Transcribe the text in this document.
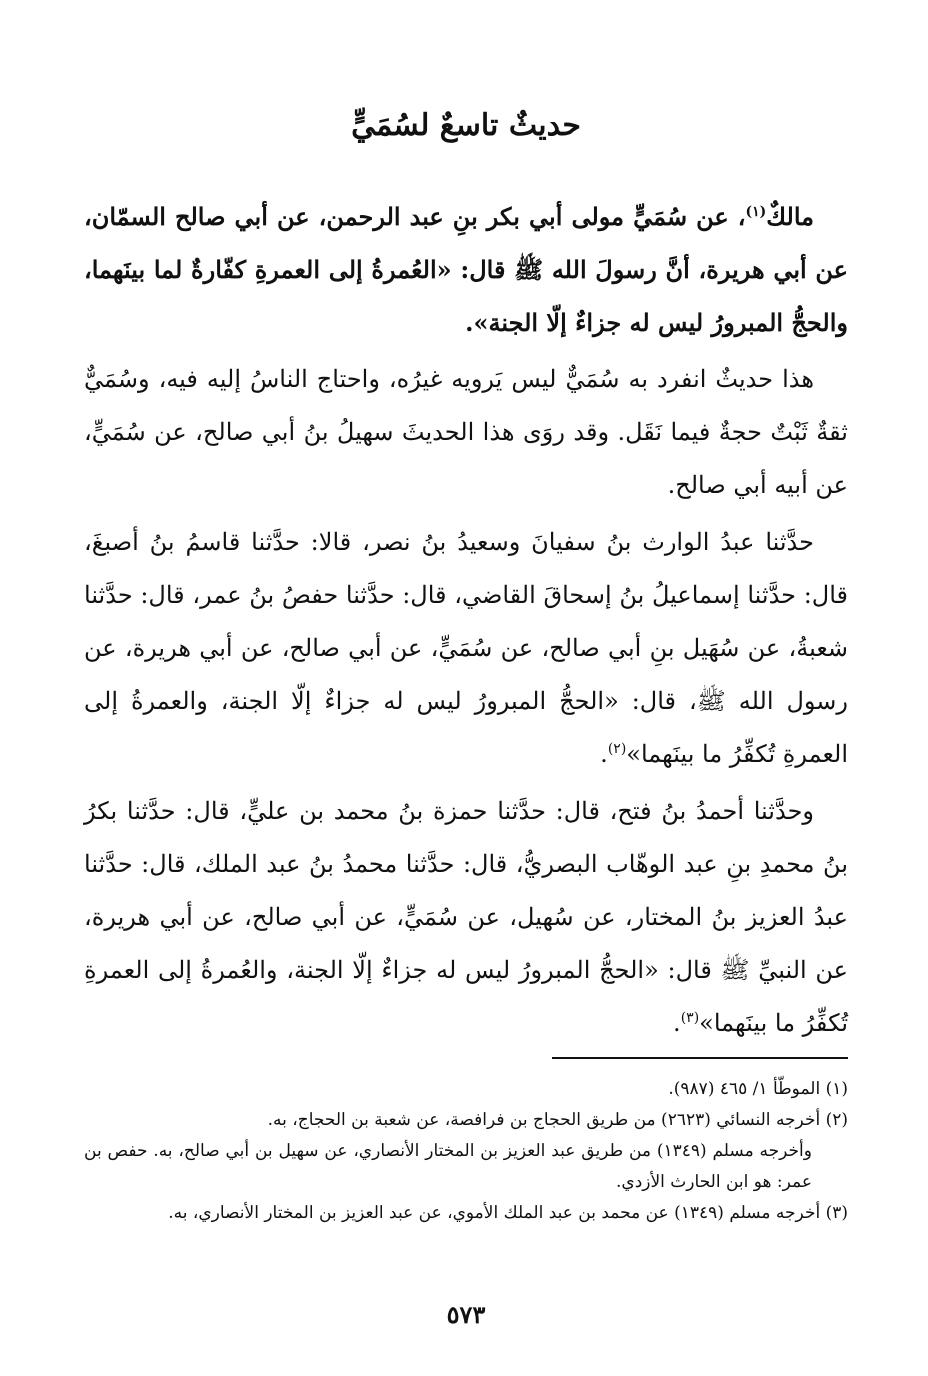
حديثٌ تاسعٌ لسُمَيٍّ

مالكٌ$^{(١)}$، عن سُمَيٍّ مولى أبي بكر بنِ عبد الرحمن، عن أبي صالح السمّان، عن أبي هريرة، أنَّ رسولَ الله ﷺ قال: «العُمرةُ إلى العمرةِ كفّارةٌ لما بينَهما، والحجُّ المبرورُ ليس له جزاءٌ إلّا الجنة».

هذا حديثٌ انفرد به سُمَيٌّ ليس يَرويه غيرُه، واحتاج الناسُ إليه فيه، وسُمَيٌّ ثقةٌ ثَبْتٌ حجةٌ فيما نَقَل. وقد روَى هذا الحديثَ سهيلُ بنُ أبي صالح، عن سُمَيٍّ، عن أبيه أبي صالح.

حدَّثنا عبدُ الوارث بنُ سفيانَ وسعيدُ بنُ نصر، قالا: حدَّثنا قاسمُ بنُ أصبغَ، قال: حدَّثنا إسماعيلُ بنُ إسحاقَ القاضي، قال: حدَّثنا حفصُ بنُ عمر، قال: حدَّثنا شعبةُ، عن سُهَيل بنِ أبي صالح، عن سُمَيٍّ، عن أبي صالح، عن أبي هريرة، عن رسول الله ﷺ، قال: «الحجُّ المبرورُ ليس له جزاءٌ إلّا الجنة، والعمرةُ إلى العمرةِ تُكفِّرُ ما بينَهما»$^{(٢)}$.

وحدَّثنا أحمدُ بنُ فتح، قال: حدَّثنا حمزة بنُ محمد بن عليٍّ، قال: حدَّثنا بكرُ بنُ محمدِ بنِ عبد الوهّاب البصريُّ، قال: حدَّثنا محمدُ بنُ عبد الملك، قال: حدَّثنا عبدُ العزيز بنُ المختار، عن سُهيل، عن سُمَيٍّ، عن أبي صالح، عن أبي هريرة، عن النبيِّ ﷺ قال: «الحجُّ المبرورُ ليس له جزاءٌ إلّا الجنة، والعُمرةُ إلى العمرةِ تُكفِّرُ ما بينَهما»$^{(٣)}$.

(١) الموطّأ ١/ ٤٦٥ (٩٨٧).

(٢) أخرجه النسائي (٢٦٢٣) من طريق الحجاج بن فرافصة، عن شعبة بن الحجاج، به.

وأخرجه مسلم (١٣٤٩) من طريق عبد العزيز بن المختار الأنصاري، عن سهيل بن أبي صالح، به. حفص بن عمر: هو ابن الحارث الأزدي.

(٣) أخرجه مسلم (١٣٤٩) عن محمد بن عبد الملك الأموي، عن عبد العزيز بن المختار الأنصاري، به.

٥٧٣
